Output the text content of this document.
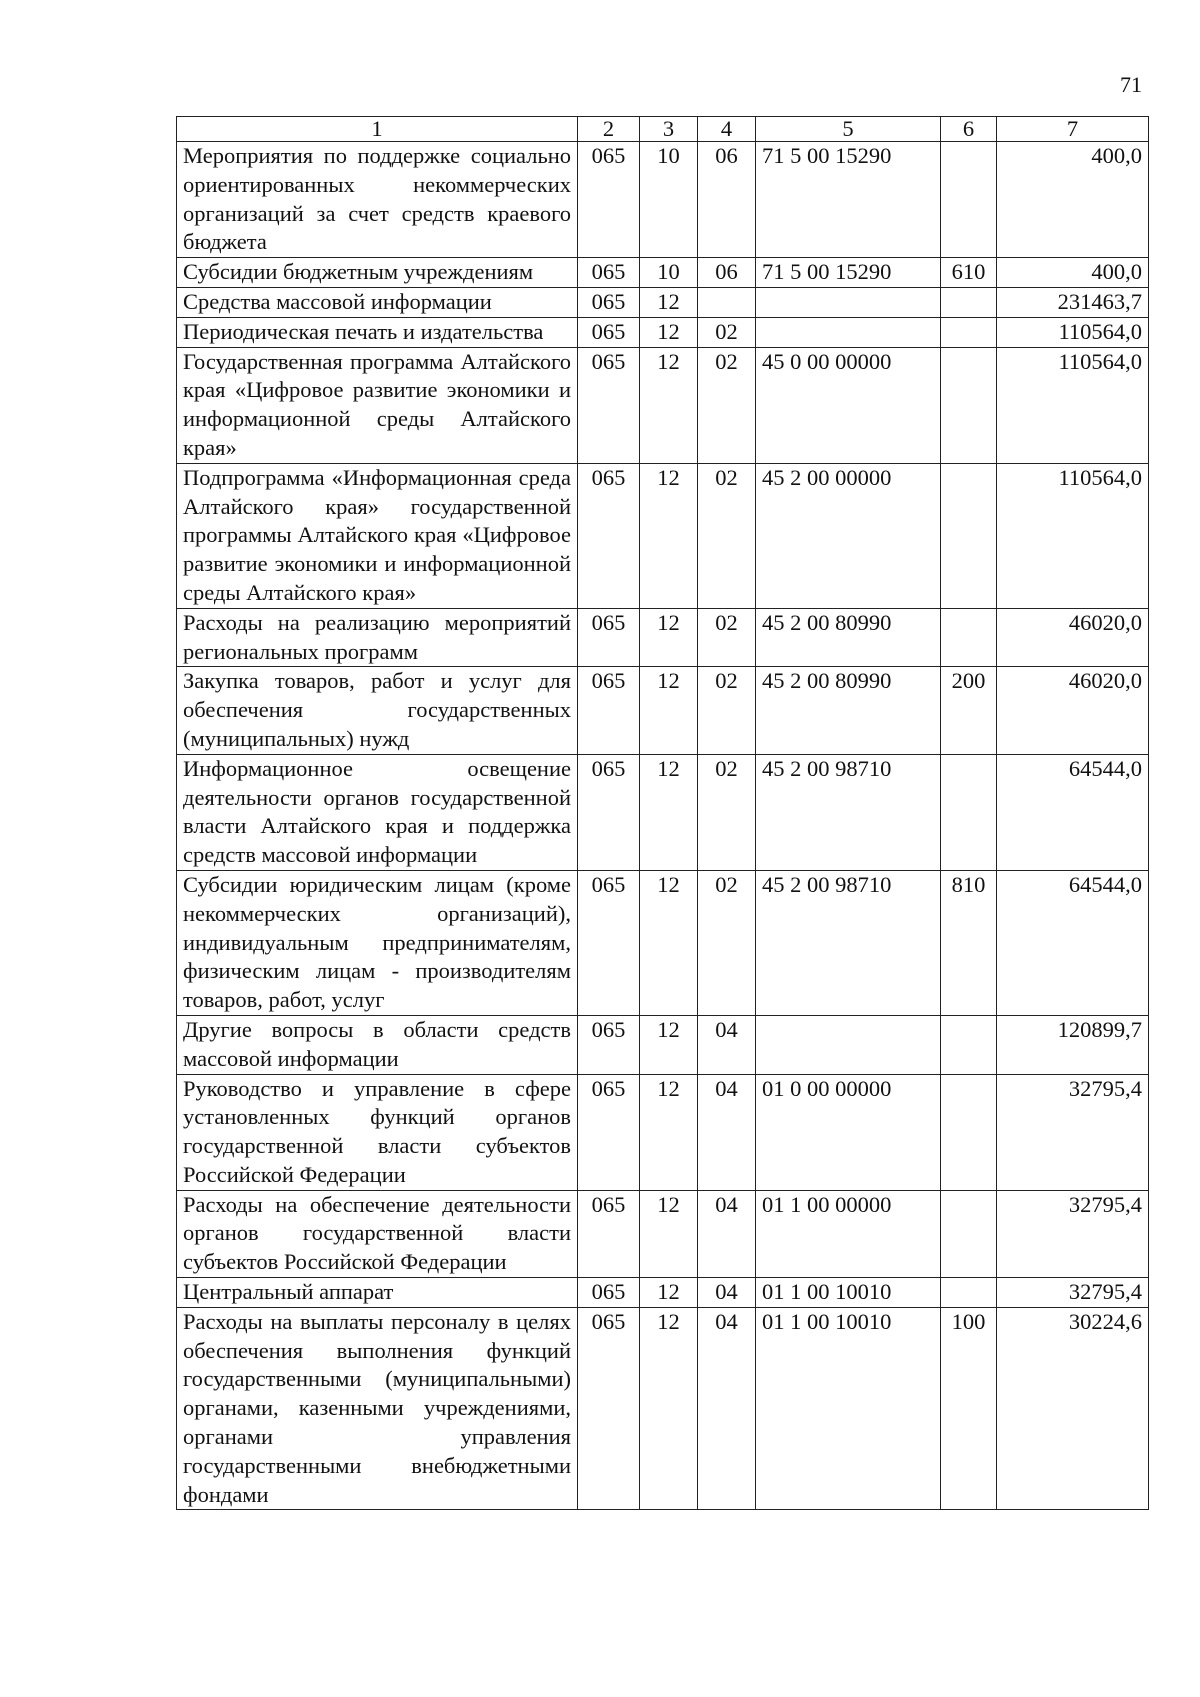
71
1	2	3	4	5	6	7
Мероприятия по поддержке социально ориентированных некоммерческих организаций за счет средств краевого бюджета	065	10	06	71 5 00 15290		400,0
Субсидии бюджетным учреждениям	065	10	06	71 5 00 15290	610	400,0
Средства массовой информации	065	12				231463,7
Периодическая печать и издательства	065	12	02			110564,0
Государственная программа Алтайского края «Цифровое развитие экономики и информационной среды Алтайского края»	065	12	02	45 0 00 00000		110564,0
Подпрограмма «Информационная среда Алтайского края» государственной программы Алтайского края «Цифровое развитие экономики и информационной среды Алтайского края»	065	12	02	45 2 00 00000		110564,0
Расходы на реализацию мероприятий региональных программ	065	12	02	45 2 00 80990		46020,0
Закупка товаров, работ и услуг для обеспечения государственных (муниципальных) нужд	065	12	02	45 2 00 80990	200	46020,0
Информационное освещение деятельности органов государственной власти Алтайского края и поддержка средств массовой информации	065	12	02	45 2 00 98710		64544,0
Субсидии юридическим лицам (кроме некоммерческих организаций), индивидуальным предпринимателям, физическим лицам - производителям товаров, работ, услуг	065	12	02	45 2 00 98710	810	64544,0
Другие вопросы в области средств массовой информации	065	12	04			120899,7
Руководство и управление в сфере установленных функций органов государственной власти субъектов Российской Федерации	065	12	04	01 0 00 00000		32795,4
Расходы на обеспечение деятельности органов государственной власти субъектов Российской Федерации	065	12	04	01 1 00 00000		32795,4
Центральный аппарат	065	12	04	01 1 00 10010		32795,4
Расходы на выплаты персоналу в целях обеспечения выполнения функций государственными (муниципальными) органами, казенными учреждениями, органами управления государственными внебюджетными фондами	065	12	04	01 1 00 10010	100	30224,6
